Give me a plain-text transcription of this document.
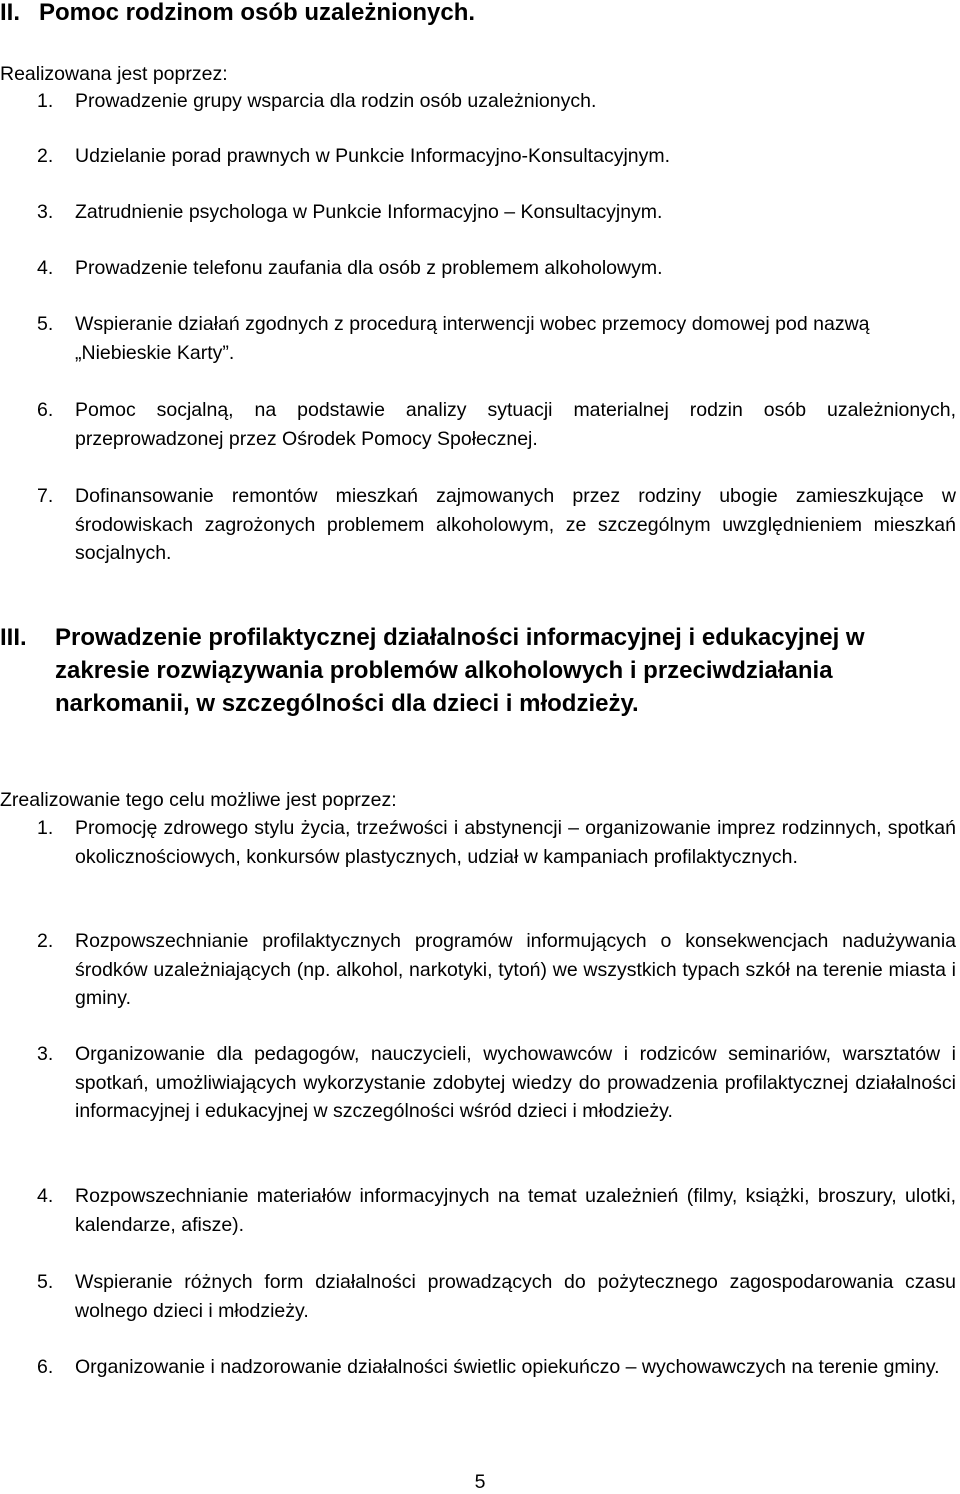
II. Pomoc rodzinom osób uzależnionych.

Realizowana jest poprzez:

1. Prowadzenie grupy wsparcia dla rodzin osób uzależnionych.
2. Udzielanie porad prawnych w Punkcie Informacyjno-Konsultacyjnym.
3. Zatrudnienie psychologa w Punkcie Informacyjno – Konsultacyjnym.
4. Prowadzenie telefonu zaufania dla osób z problemem alkoholowym.
5. Wspieranie działań zgodnych z procedurą interwencji wobec przemocy domowej pod nazwą „Niebieskie Karty”.
6. Pomoc socjalną, na podstawie analizy sytuacji materialnej rodzin osób uzależnionych, przeprowadzonej przez Ośrodek Pomocy Społecznej.
7. Dofinansowanie remontów mieszkań zajmowanych przez rodziny ubogie zamieszkujące w środowiskach zagrożonych problemem alkoholowym, ze szczególnym uwzględnieniem mieszkań socjalnych.
III. Prowadzenie profilaktycznej działalności informacyjnej i edukacyjnej w zakresie rozwiązywania problemów alkoholowych i przeciwdziałania narkomanii, w szczególności dla dzieci i młodzieży.

Zrealizowanie tego celu możliwe jest poprzez:

1. Promocję zdrowego stylu życia, trzeźwości i abstynencji – organizowanie imprez rodzinnych, spotkań okolicznościowych, konkursów plastycznych, udział w kampaniach profilaktycznych.
2. Rozpowszechnianie profilaktycznych programów informujących o konsekwencjach nadużywania środków uzależniających (np. alkohol, narkotyki, tytoń) we wszystkich typach szkół na terenie miasta i gminy.
3. Organizowanie dla pedagogów, nauczycieli, wychowawców i rodziców seminariów, warsztatów i spotkań, umożliwiających wykorzystanie zdobytej wiedzy do prowadzenia profilaktycznej działalności informacyjnej i edukacyjnej w szczególności wśród dzieci i młodzieży.
4. Rozpowszechnianie materiałów informacyjnych na temat uzależnień (filmy, książki, broszury, ulotki, kalendarze, afisze).
5. Wspieranie różnych form działalności prowadzących do pożytecznego zagospodarowania czasu wolnego dzieci i młodzieży.
6. Organizowanie i nadzorowanie działalności świetlic opiekuńczo – wychowawczych na terenie gminy.
5
